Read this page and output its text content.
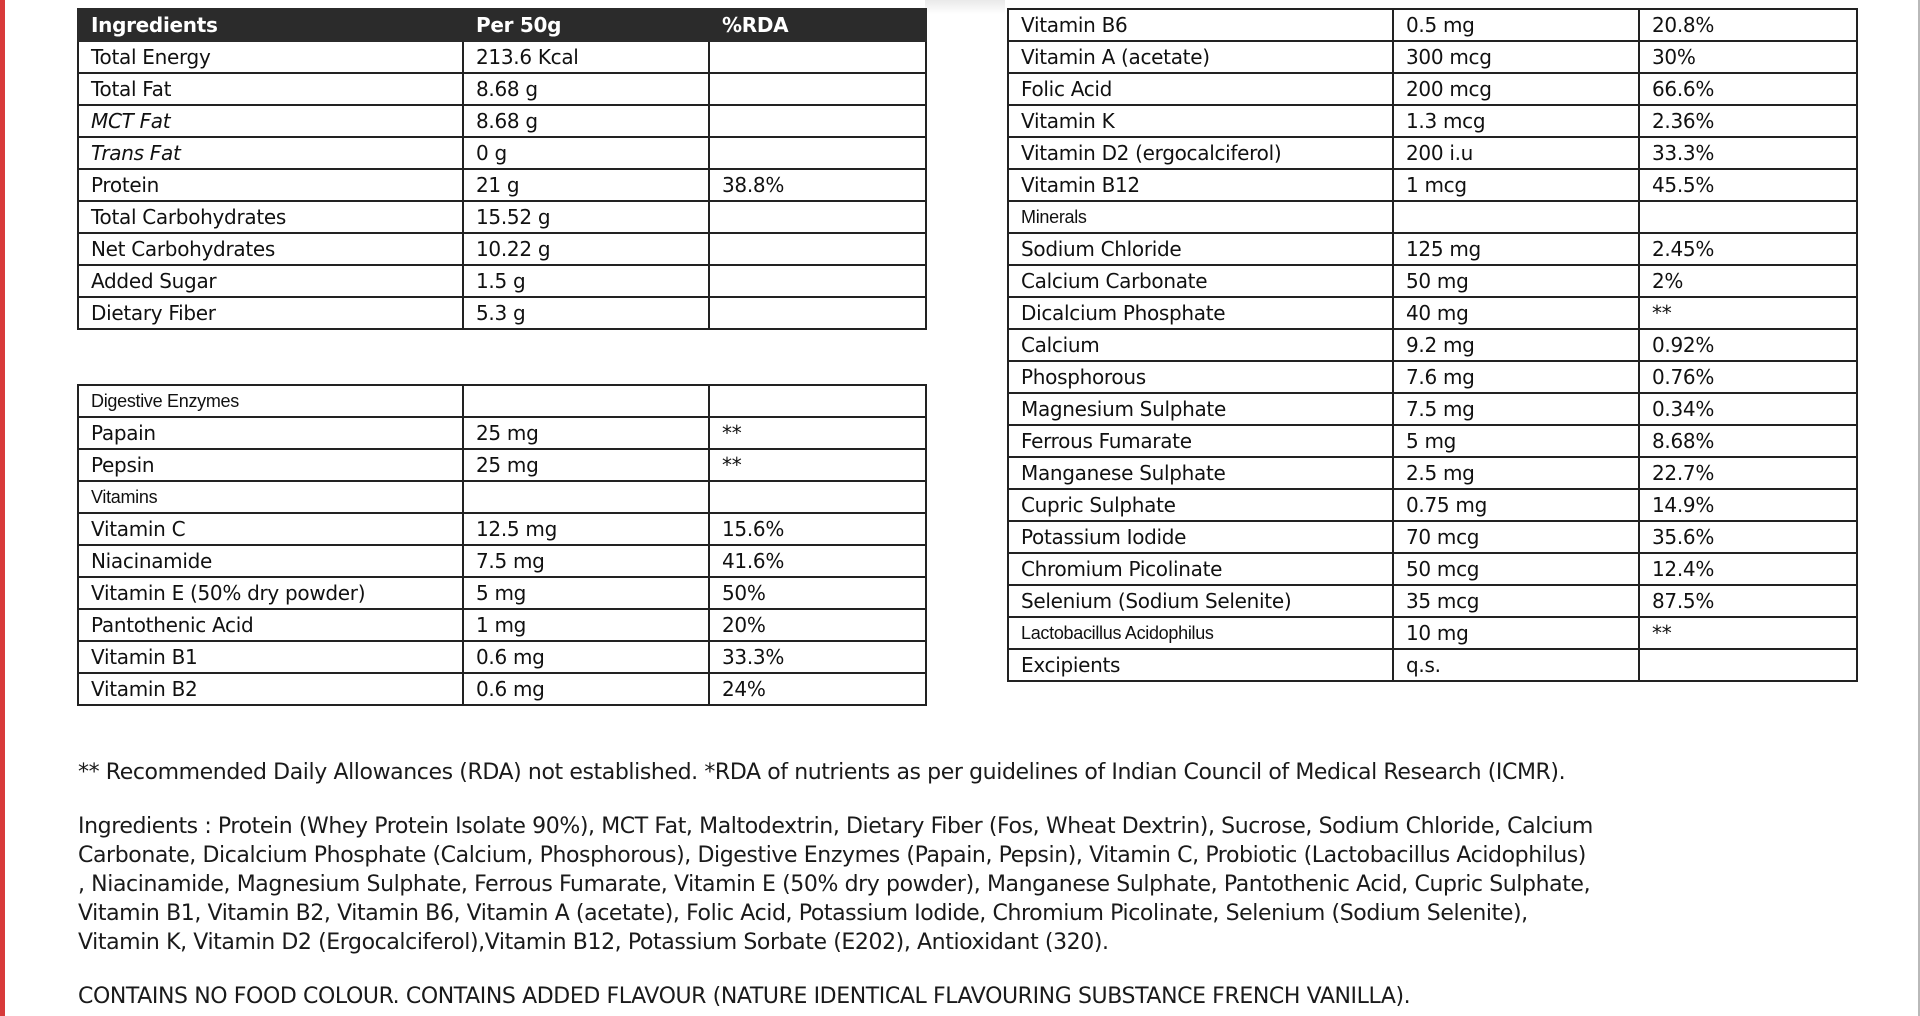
Ingredients	Per 50g	%RDA
Total Energy	213.6 Kcal	
Total Fat	8.68 g	
MCT Fat	8.68 g	
Trans Fat	0 g	
Protein	21 g	38.8%
Total Carbohydrates	15.52 g	
Net Carbohydrates	10.22 g	
Added Sugar	1.5 g	
Dietary Fiber	5.3 g	
Digestive Enzymes		
Papain	25 mg	**
Pepsin	25 mg	**
Vitamins		
Vitamin C	12.5 mg	15.6%
Niacinamide	7.5 mg	41.6%
Vitamin E (50% dry powder)	5 mg	50%
Pantothenic Acid	1 mg	20%
Vitamin B1	0.6 mg	33.3%
Vitamin B2	0.6 mg	24%
Vitamin B6	0.5 mg	20.8%
Vitamin A (acetate)	300 mcg	30%
Folic Acid	200 mcg	66.6%
Vitamin K	1.3 mcg	2.36%
Vitamin D2 (ergocalciferol)	200 i.u	33.3%
Vitamin B12	1 mcg	45.5%
Minerals		
Sodium Chloride	125 mg	2.45%
Calcium Carbonate	50 mg	2%
Dicalcium Phosphate	40 mg	**
Calcium	9.2 mg	0.92%
Phosphorous	7.6 mg	0.76%
Magnesium Sulphate	7.5 mg	0.34%
Ferrous Fumarate	5 mg	8.68%
Manganese Sulphate	2.5 mg	22.7%
Cupric Sulphate	0.75 mg	14.9%
Potassium Iodide	70 mcg	35.6%
Chromium Picolinate	50 mcg	12.4%
Selenium (Sodium Selenite)	35 mcg	87.5%
Lactobacillus Acidophilus	10 mg	**
Excipients	q.s.	
** Recommended Daily Allowances (RDA) not established. *RDA of nutrients as per guidelines of Indian Council of Medical Research (ICMR).
Ingredients : Protein (Whey Protein Isolate 90%), MCT Fat, Maltodextrin, Dietary Fiber (Fos, Wheat Dextrin), Sucrose, Sodium Chloride, Calcium
Carbonate, Dicalcium Phosphate (Calcium, Phosphorous), Digestive Enzymes (Papain, Pepsin), Vitamin C, Probiotic (Lactobacillus Acidophilus)
, Niacinamide, Magnesium Sulphate, Ferrous Fumarate, Vitamin E (50% dry powder), Manganese Sulphate, Pantothenic Acid, Cupric Sulphate,
Vitamin B1, Vitamin B2, Vitamin B6, Vitamin A (acetate), Folic Acid, Potassium Iodide, Chromium Picolinate, Selenium (Sodium Selenite),
Vitamin K, Vitamin D2 (Ergocalciferol),Vitamin B12, Potassium Sorbate (E202), Antioxidant (320).
CONTAINS NO FOOD COLOUR. CONTAINS ADDED FLAVOUR (NATURE IDENTICAL FLAVOURING SUBSTANCE FRENCH VANILLA).
